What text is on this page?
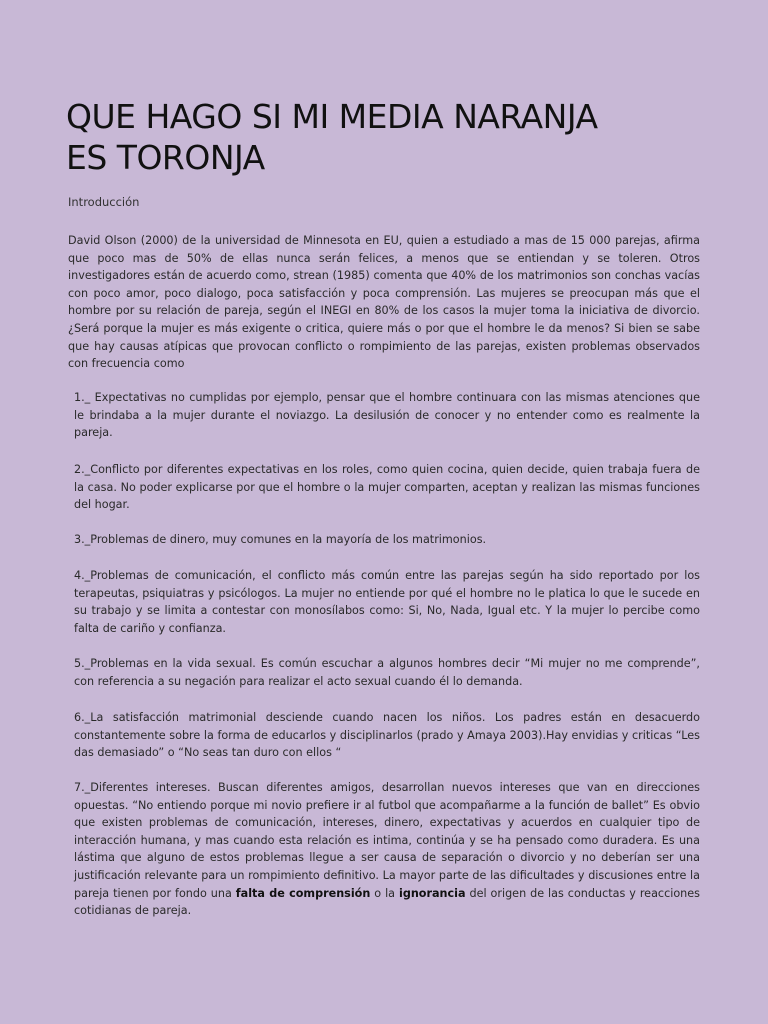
QUE HAGO SI MI MEDIA NARANJA
ES TORONJA
Introducción

David Olson (2000) de la universidad de Minnesota en EU, quien a estudiado a mas de 15 000 parejas, afirma que poco mas de 50% de ellas nunca serán felices, a menos que se entiendan y se toleren. Otros investigadores están de acuerdo como, strean (1985) comenta que 40% de los matrimonios son conchas vacías con poco amor, poco dialogo, poca satisfacción y poca comprensión. Las mujeres se preocupan más que el hombre por su relación de pareja, según el INEGI en 80% de los casos la mujer toma la iniciativa de divorcio. ¿Será porque la mujer es más exigente o critica, quiere más o por que el hombre le da menos? Si bien se sabe que hay causas atípicas que provocan conflicto o rompimiento de las parejas, existen problemas observados con frecuencia como

1._ Expectativas no cumplidas por ejemplo, pensar que el hombre continuara con las mismas atenciones que le brindaba a la mujer durante el noviazgo. La desilusión de conocer y no entender como es realmente la pareja.

2._Conflicto por diferentes expectativas en los roles, como quien cocina, quien decide, quien trabaja fuera de la casa. No poder explicarse por que el hombre o la mujer comparten, aceptan y realizan las mismas funciones del hogar.

3._Problemas de dinero, muy comunes en la mayoría de los matrimonios.

4._Problemas de comunicación, el conflicto más común entre las parejas según ha sido reportado por los terapeutas, psiquiatras y psicólogos. La mujer no entiende por qué el hombre no le platica lo que le sucede en su trabajo y se limita a contestar con monosílabos como: Si, No, Nada, Igual etc. Y la mujer lo percibe como falta de cariño y confianza.

5._Problemas en la vida sexual. Es común escuchar a algunos hombres decir “Mi mujer no me comprende”, con referencia a su negación para realizar el acto sexual cuando él lo demanda.

6._La satisfacción matrimonial desciende cuando nacen los niños. Los padres están en desacuerdo constantemente sobre la forma de educarlos y disciplinarlos (prado y Amaya 2003).Hay envidias y criticas “Les das demasiado” o “No seas tan duro con ellos “

7._Diferentes intereses. Buscan diferentes amigos, desarrollan nuevos intereses que van en direcciones opuestas. “No entiendo porque mi novio prefiere ir al futbol que acompañarme a la función de ballet” Es obvio que existen problemas de comunicación, intereses, dinero, expectativas y acuerdos en cualquier tipo de interacción humana, y mas cuando esta relación es intima, continúa y se ha pensado como duradera. Es una lástima que alguno de estos problemas llegue a ser causa de separación o divorcio y no deberían ser una justificación relevante para un rompimiento definitivo. La mayor parte de las dificultades y discusiones entre la pareja tienen por fondo una falta de comprensión o la ignorancia del origen de las conductas y reacciones cotidianas de pareja.
